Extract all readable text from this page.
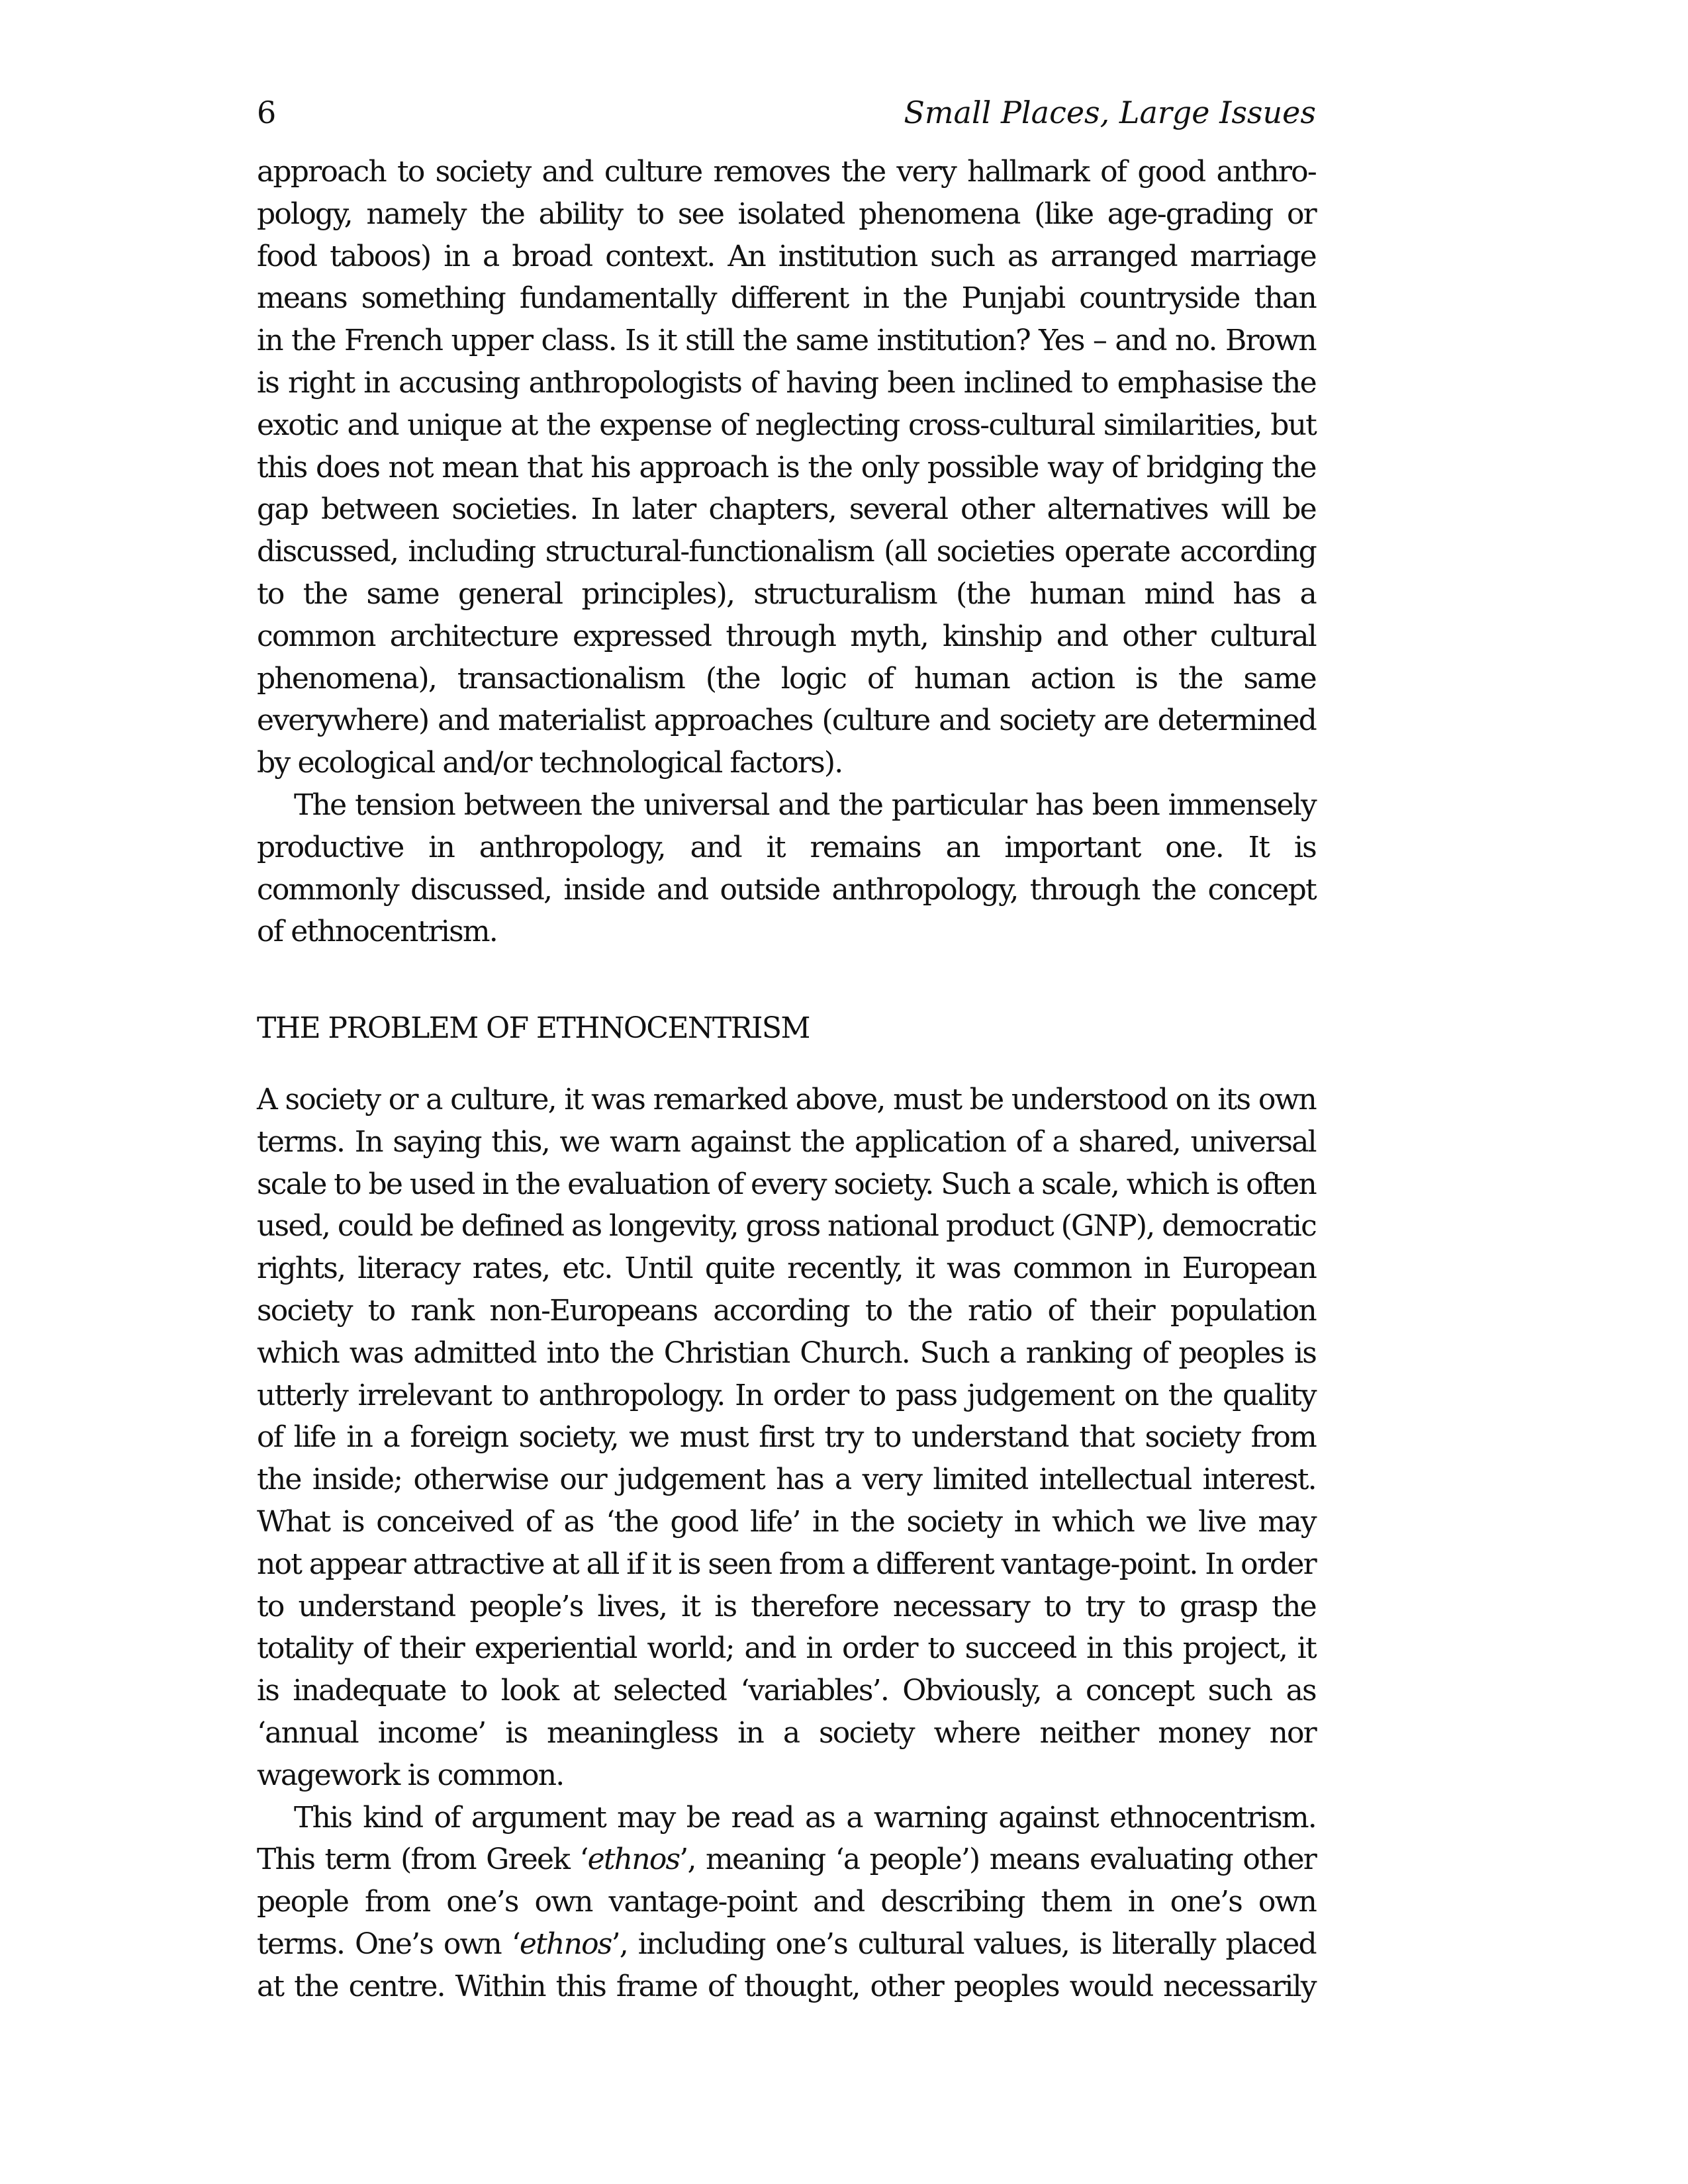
6	Small Places, Large Issues
approach to society and culture removes the very hallmark of good anthro-
pology, namely the ability to see isolated phenomena (like age-grading or
food taboos) in a broad context. An institution such as arranged marriage
means something fundamentally different in the Punjabi countryside than
in the French upper class. Is it still the same institution? Yes – and no. Brown
is right in accusing anthropologists of having been inclined to emphasise the
exotic and unique at the expense of neglecting cross-cultural similarities, but
this does not mean that his approach is the only possible way of bridging the
gap between societies. In later chapters, several other alternatives will be
discussed, including structural-functionalism (all societies operate according
to the same general principles), structuralism (the human mind has a
common architecture expressed through myth, kinship and other cultural
phenomena), transactionalism (the logic of human action is the same
everywhere) and materialist approaches (culture and society are determined
by ecological and/or technological factors).
The tension between the universal and the particular has been immensely
productive in anthropology, and it remains an important one. It is
commonly discussed, inside and outside anthropology, through the concept
of ethnocentrism.
THE PROBLEM OF ETHNOCENTRISM
A society or a culture, it was remarked above, must be understood on its own
terms. In saying this, we warn against the application of a shared, universal
scale to be used in the evaluation of every society. Such a scale, which is often
used, could be defined as longevity, gross national product (GNP), democratic
rights, literacy rates, etc. Until quite recently, it was common in European
society to rank non-Europeans according to the ratio of their population
which was admitted into the Christian Church. Such a ranking of peoples is
utterly irrelevant to anthropology. In order to pass judgement on the quality
of life in a foreign society, we must first try to understand that society from
the inside; otherwise our judgement has a very limited intellectual interest.
What is conceived of as ‘the good life’ in the society in which we live may
not appear attractive at all if it is seen from a different vantage-point. In order
to understand people’s lives, it is therefore necessary to try to grasp the
totality of their experiential world; and in order to succeed in this project, it
is inadequate to look at selected ‘variables’. Obviously, a concept such as
‘annual income’ is meaningless in a society where neither money nor
wagework is common.
This kind of argument may be read as a warning against ethnocentrism.
This term (from Greek ‘ethnos’, meaning ‘a people’) means evaluating other
people from one’s own vantage-point and describing them in one’s own
terms. One’s own ‘ethnos’, including one’s cultural values, is literally placed
at the centre. Within this frame of thought, other peoples would necessarily
